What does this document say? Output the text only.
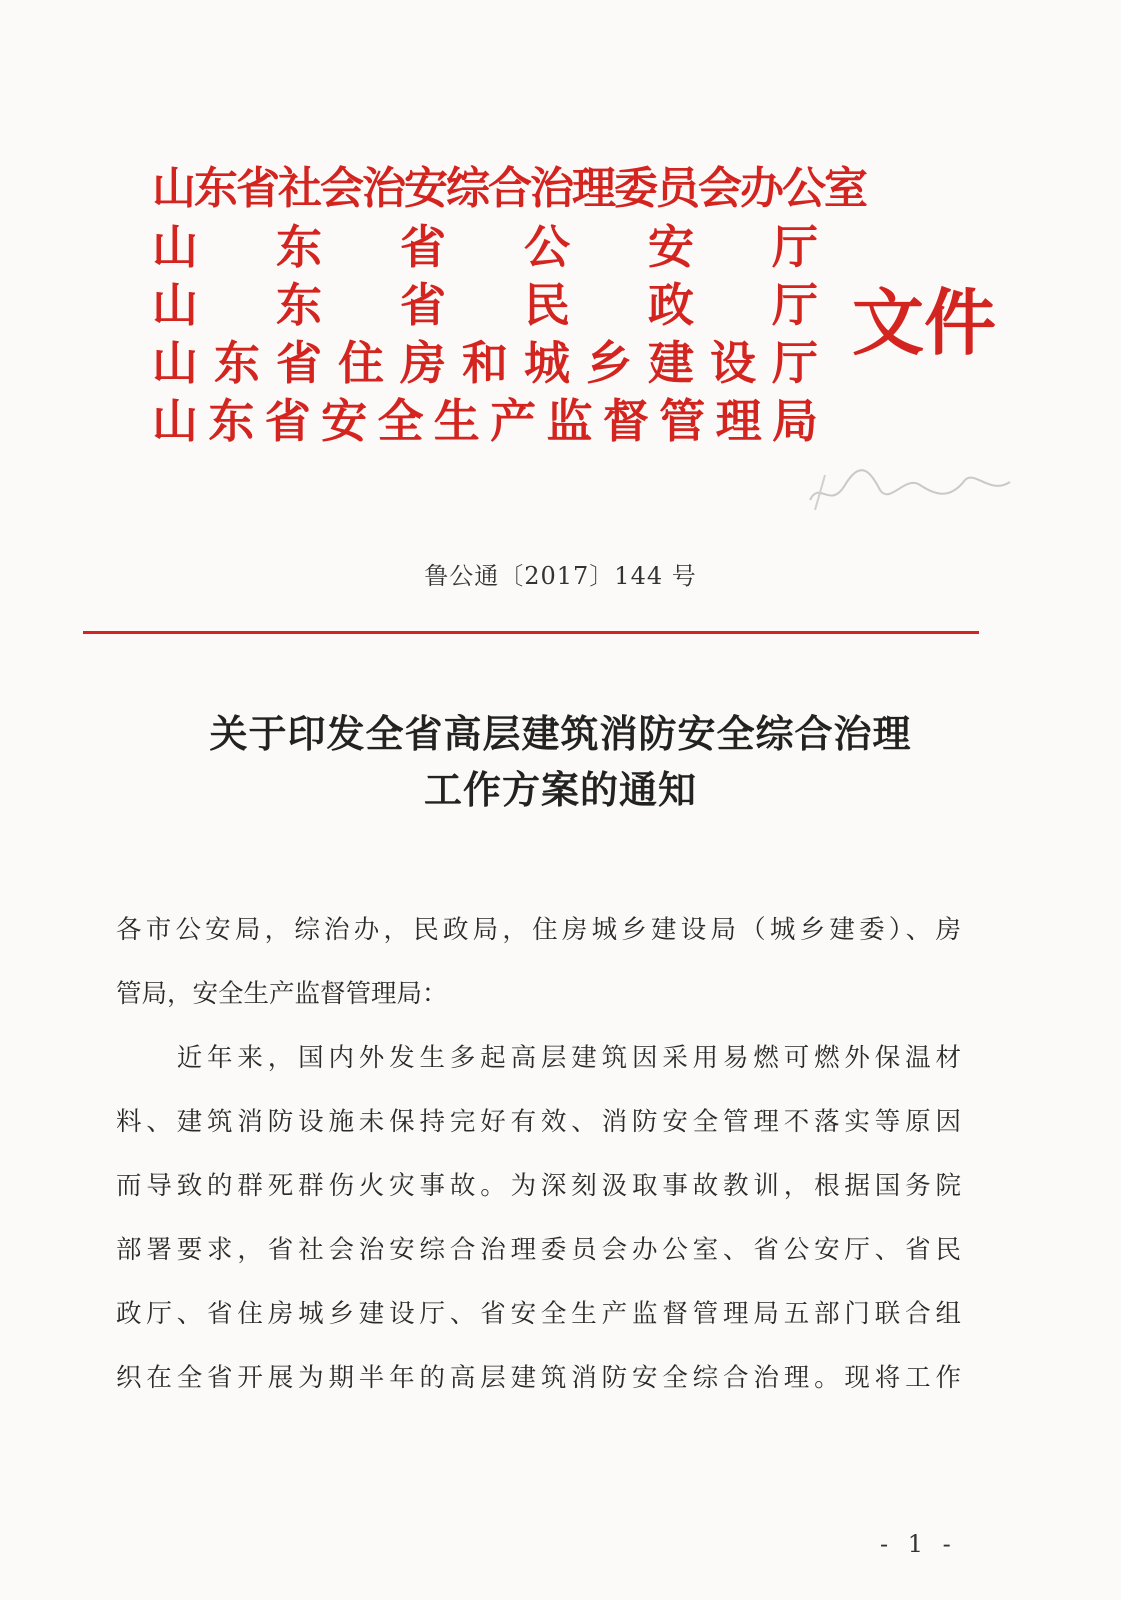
山东省社会治安综合治理委员会办公室
山 东 省 公 安 厅
山 东 省 民 政 厅
山 东 省 住 房 和 城 乡 建 设 厅
山 东 省 安 全 生 产 监 督 管 理 局
文件
鲁公通〔2017〕144 号
关于印发全省高层建筑消防安全综合治理
工作方案的通知
各市公安局，综治办，民政局，住房城乡建设局（城乡建委）、房
管局，安全生产监督管理局：
　　近年来，国内外发生多起高层建筑因采用易燃可燃外保温材
料、建筑消防设施未保持完好有效、消防安全管理不落实等原因
而导致的群死群伤火灾事故。为深刻汲取事故教训，根据国务院
部署要求，省社会治安综合治理委员会办公室、省公安厅、省民
政厅、省住房城乡建设厅、省安全生产监督管理局五部门联合组
织在全省开展为期半年的高层建筑消防安全综合治理。现将工作
- 1 -
